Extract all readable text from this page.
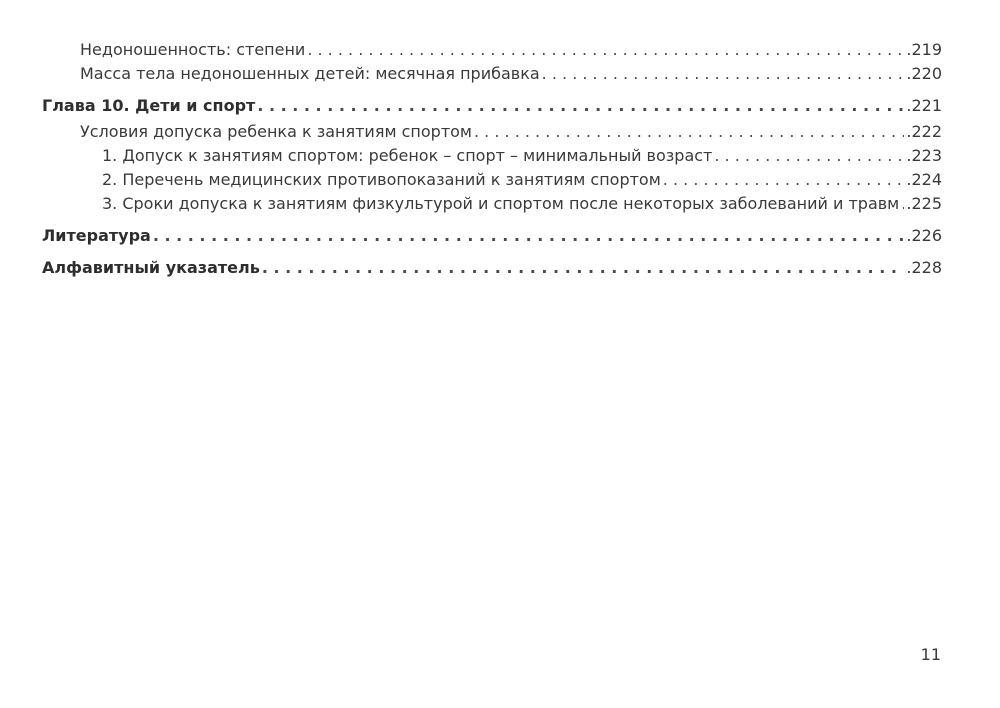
Недоношенность: степени . . .	.219
Масса тела недоношенных детей: месячная прибавка . . .	.220
Глава 10. Дети и спорт . . .	.221
Условия допуска ребенка к занятиям спортом . . .	.222
1. Допуск к занятиям спортом: ребенок – спорт – минимальный возраст . . .	.223
2. Перечень медицинских противопоказаний к занятиям спортом . . .	.224
3. Сроки допуска к занятиям физкультурой и спортом после некоторых заболеваний и травм . . . .225
Литература . . .	.226
Алфавитный указатель . . .	.228
11
